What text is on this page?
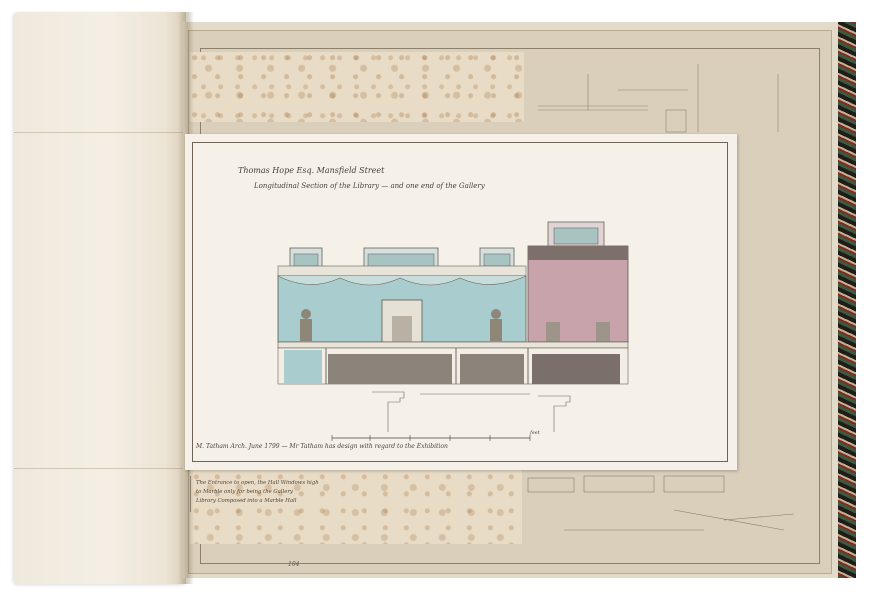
Thomas Hope Esq. Mansfield Street
Longitudinal Section of the Library — and one end of the Gallery
feet
M. Tatham Arch. June 1799 — Mr Tatham has design with regard to the Exhibition
The Entrance to open, the Hall Windows high
to Marble only for being the Gallery
Library Composed into a Marble Hall
104
